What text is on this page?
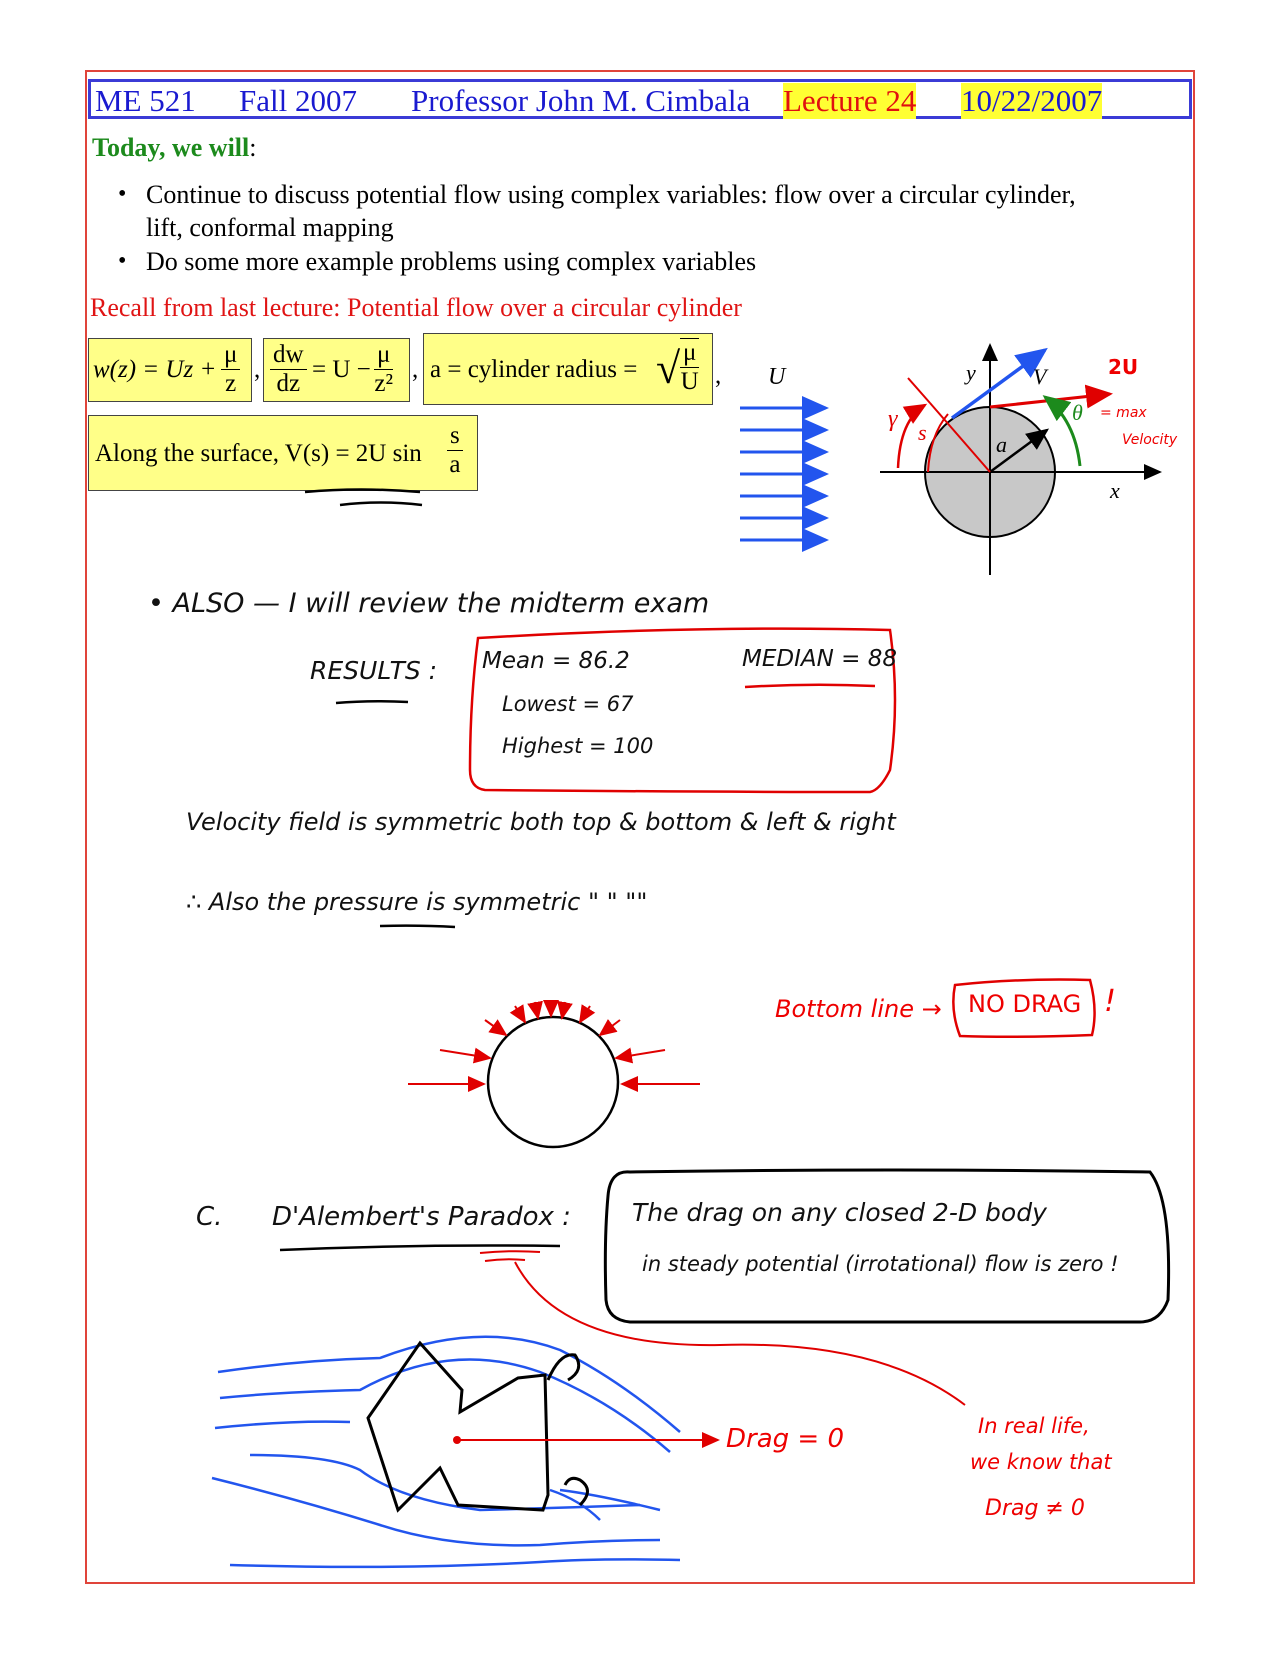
ME 521 Fall 2007 Professor John M. Cimbala Lecture 24 10/22/2007
Today, we will:
• Continue to discuss potential flow using complex variables: flow over a circular cylinder, lift, conformal mapping
• Do some more example problems using complex variables
Recall from last lecture: Potential flow over a circular cylinder
$w(z) = Uz + \frac{\mu}{z}$ , $\frac{dw}{dz} = U - \frac{\mu}{\text{z²}}$ , a = cylinder radius = √ $\frac{\mu}{U}$ ,
Along the surface, V(s) = 2U $\sin \frac{s}{a}$
U	y	V	2U
γ
s
θ = max
Velocity
a
x
• ALSO — I will review the midterm exam
RESULTS : Mean = 86.2	MEDIAN = 88
Lowest = 67
Highest = 100
Velocity field is symmetric both top & bottom & left & right
∴ Also the pressure is symmetric " " ""
Bottom line → NO DRAG !
C. D'Alembert's Paradox : The drag on any closed 2-D body
in steady potential (irrotational) flow is zero !
Drag = 0	In real life,
we know that
Drag ≠ 0
